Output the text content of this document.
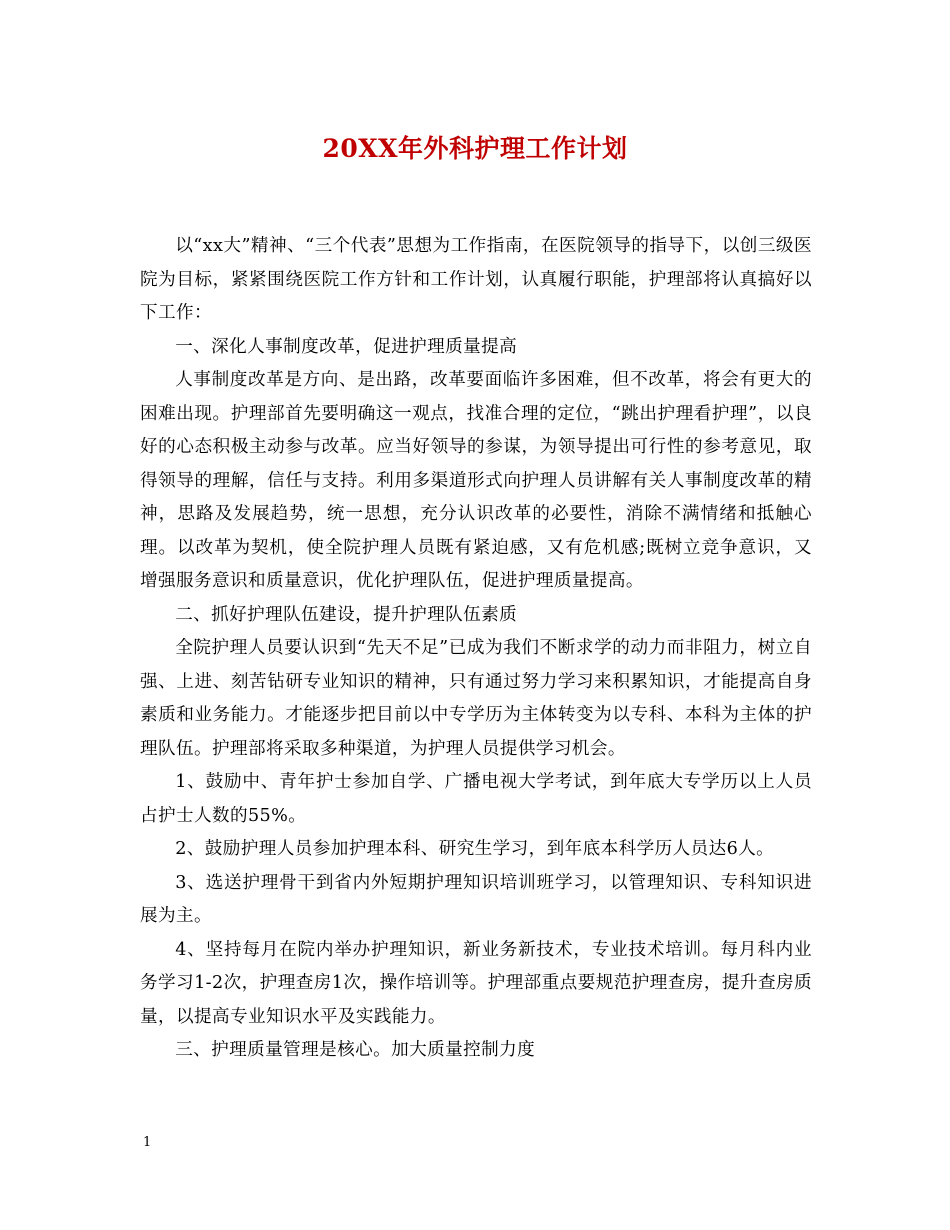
20XX年外科护理工作计划

以“xx大”精神、“三个代表”思想为工作指南，在医院领导的指导下，以创三级医院为目标，紧紧围绕医院工作方针和工作计划，认真履行职能，护理部将认真搞好以下工作：

一、深化人事制度改革，促进护理质量提高

人事制度改革是方向、是出路，改革要面临许多困难，但不改革，将会有更大的困难出现。护理部首先要明确这一观点，找准合理的定位，“跳出护理看护理”，以良好的心态积极主动参与改革。应当好领导的参谋，为领导提出可行性的参考意见，取得领导的理解，信任与支持。利用多渠道形式向护理人员讲解有关人事制度改革的精神，思路及发展趋势，统一思想，充分认识改革的必要性，消除不满情绪和抵触心理。以改革为契机，使全院护理人员既有紧迫感，又有危机感;既树立竞争意识，又增强服务意识和质量意识，优化护理队伍，促进护理质量提高。

二、抓好护理队伍建设，提升护理队伍素质

全院护理人员要认识到“先天不足”已成为我们不断求学的动力而非阻力，树立自强、上进、刻苦钻研专业知识的精神，只有通过努力学习来积累知识，才能提高自身素质和业务能力。才能逐步把目前以中专学历为主体转变为以专科、本科为主体的护理队伍。护理部将采取多种渠道，为护理人员提供学习机会。

1、鼓励中、青年护士参加自学、广播电视大学考试，到年底大专学历以上人员占护士人数的55%。

2、鼓励护理人员参加护理本科、研究生学习，到年底本科学历人员达6人。

3、选送护理骨干到省内外短期护理知识培训班学习，以管理知识、专科知识进展为主。

4、坚持每月在院内举办护理知识，新业务新技术，专业技术培训。每月科内业务学习1-2次，护理查房1次，操作培训等。护理部重点要规范护理查房，提升查房质量，以提高专业知识水平及实践能力。

三、护理质量管理是核心。加大质量控制力度

1
